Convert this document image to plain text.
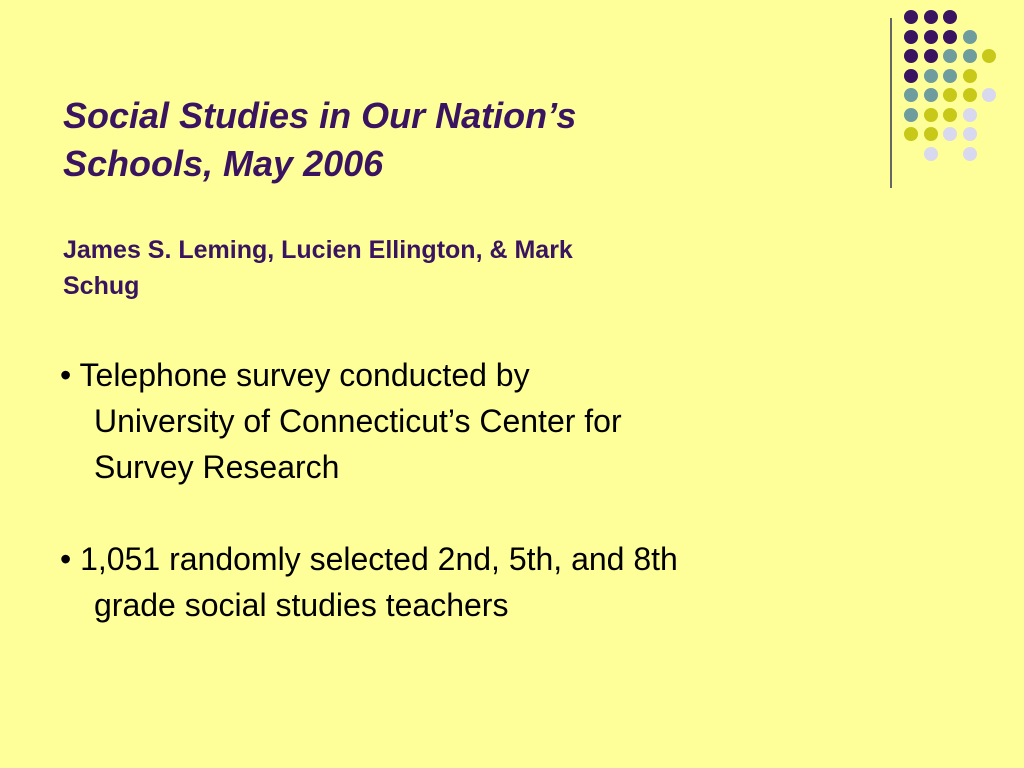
Social Studies in Our Nation’s
Schools, May 2006
James S. Leming, Lucien Ellington, & Mark
Schug
• Telephone survey conducted by
University of Connecticut’s Center for
Survey Research
• 1,051 randomly selected 2nd, 5th, and 8th
grade social studies teachers
